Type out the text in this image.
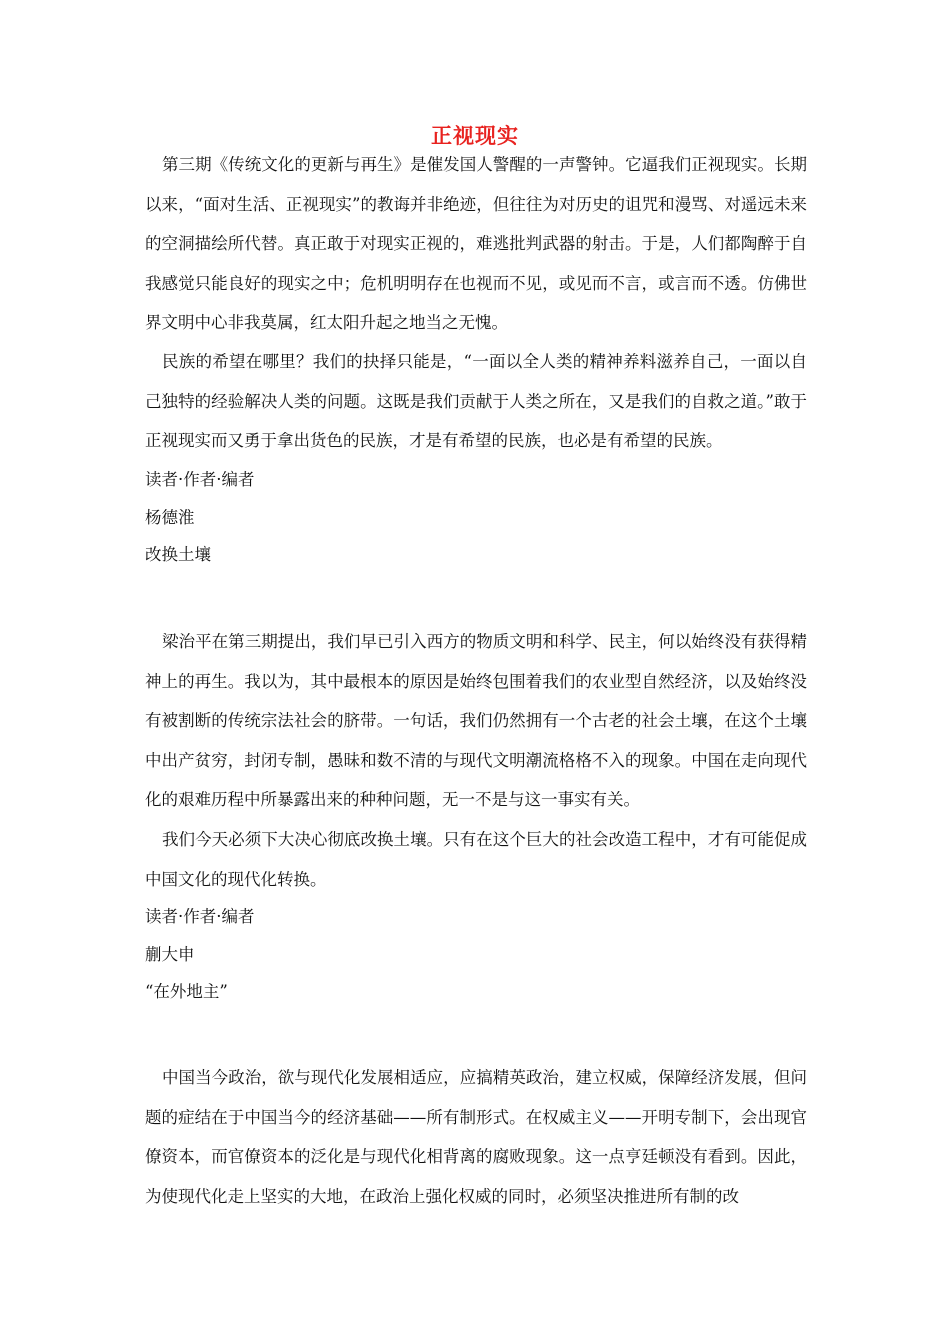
正视现实

第三期《传统文化的更新与再生》是催发国人警醒的一声警钟。它逼我们正视现实。长期以来，“面对生活、正视现实”的教诲并非绝迹，但往往为对历史的诅咒和漫骂、对遥远未来的空洞描绘所代替。真正敢于对现实正视的，难逃批判武器的射击。于是，人们都陶醉于自我感觉只能良好的现实之中；危机明明存在也视而不见，或见而不言，或言而不透。仿佛世界文明中心非我莫属，红太阳升起之地当之无愧。

民族的希望在哪里？我们的抉择只能是，“一面以全人类的精神养料滋养自己，一面以自己独特的经验解决人类的问题。这既是我们贡献于人类之所在，又是我们的自救之道。”敢于正视现实而又勇于拿出货色的民族，才是有希望的民族，也必是有希望的民族。

读者·作者·编者
杨德淮
改换土壤

梁治平在第三期提出，我们早已引入西方的物质文明和科学、民主，何以始终没有获得精神上的再生。我以为，其中最根本的原因是始终包围着我们的农业型自然经济，以及始终没有被割断的传统宗法社会的脐带。一句话，我们仍然拥有一个古老的社会土壤，在这个土壤中出产贫穷，封闭专制，愚昧和数不清的与现代文明潮流格格不入的现象。中国在走向现代化的艰难历程中所暴露出来的种种问题，无一不是与这一事实有关。

我们今天必须下大决心彻底改换土壤。只有在这个巨大的社会改造工程中，才有可能促成中国文化的现代化转换。

读者·作者·编者
蒯大申
“在外地主”

中国当今政治，欲与现代化发展相适应，应搞精英政治，建立权威，保障经济发展，但问题的症结在于中国当今的经济基础——所有制形式。在权威主义——开明专制下，会出现官僚资本，而官僚资本的泛化是与现代化相背离的腐败现象。这一点亨廷顿没有看到。因此，为使现代化走上坚实的大地，在政治上强化权威的同时，必须坚决推进所有制的改
